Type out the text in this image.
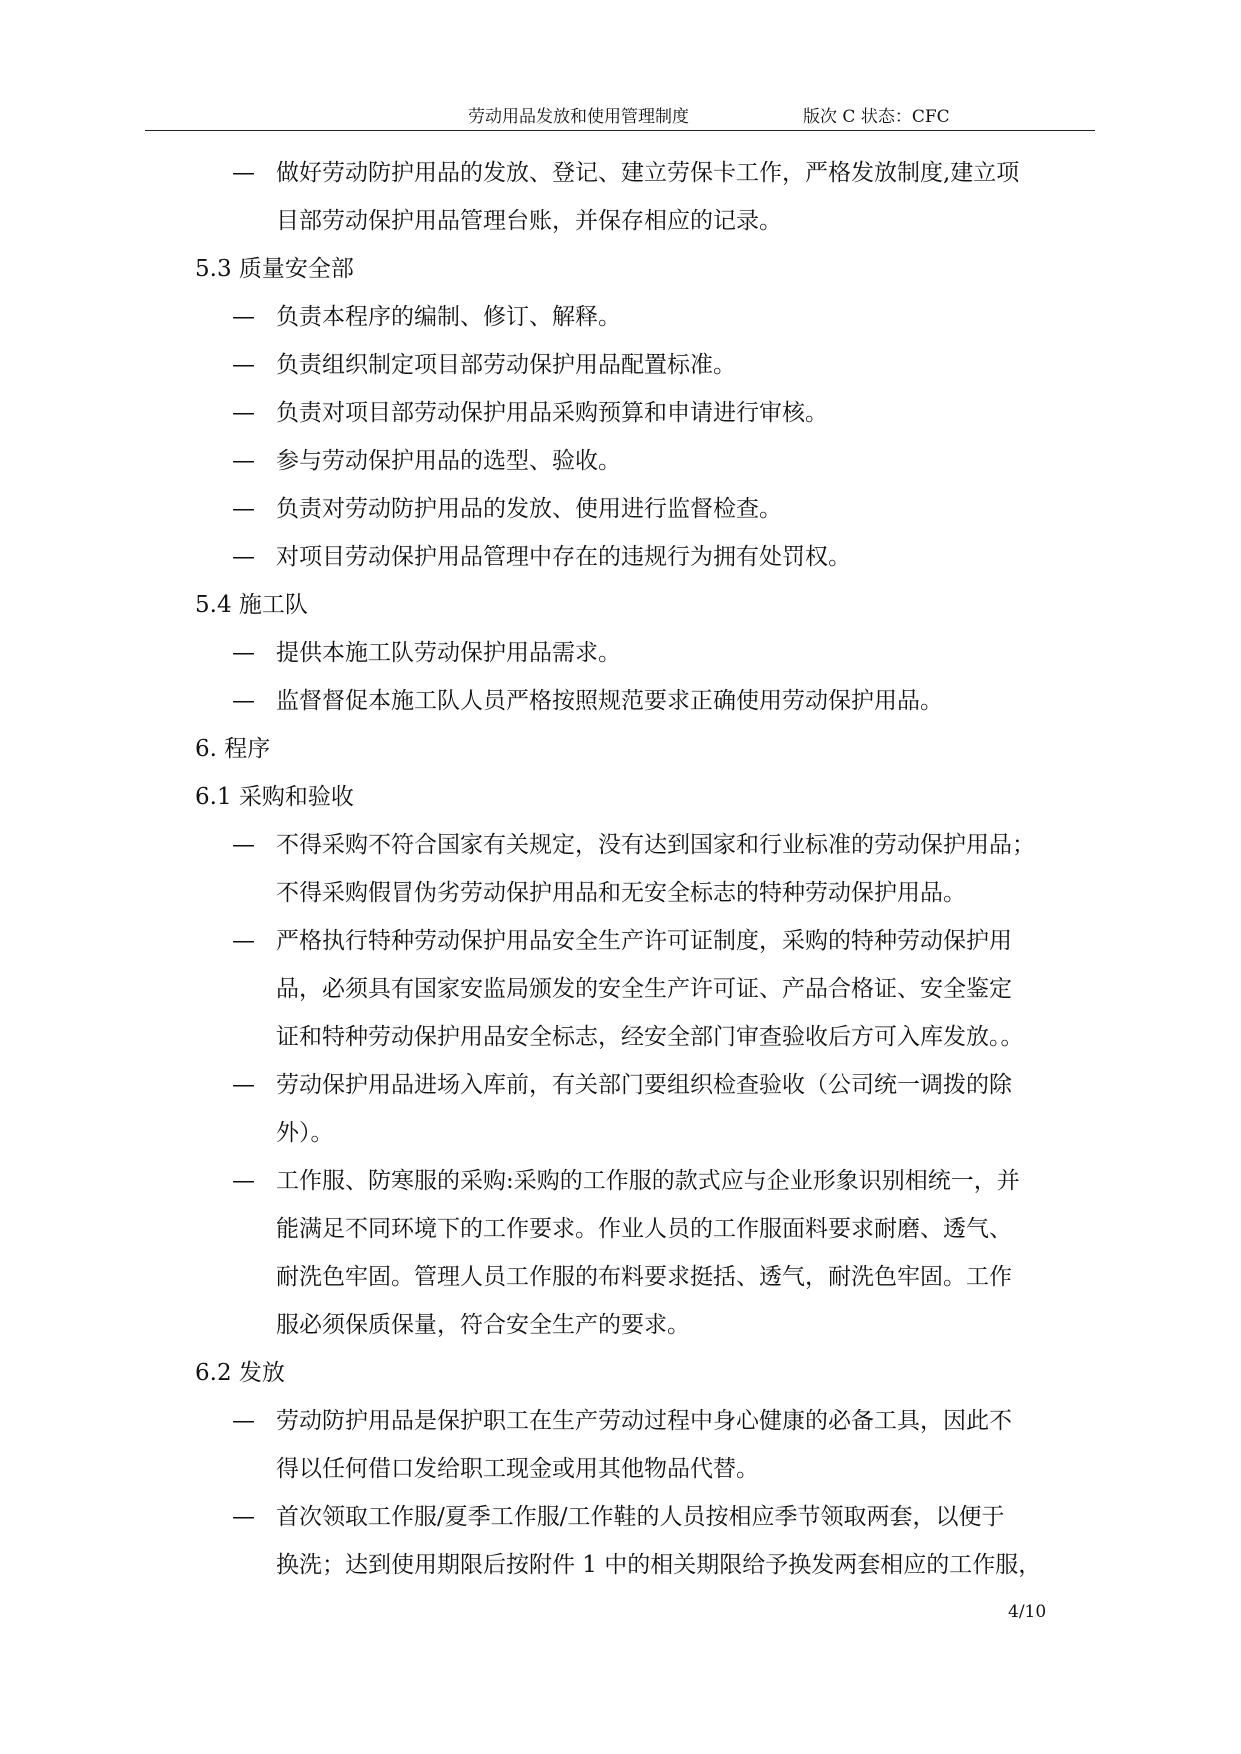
劳动用品发放和使用管理制度	版次 C 状态：CFC
— 做好劳动防护用品的发放、登记、建立劳保卡工作，严格发放制度,建立项
目部劳动保护用品管理台账，并保存相应的记录。
5.3 质量安全部
— 负责本程序的编制、修订、解释。
— 负责组织制定项目部劳动保护用品配置标准。
— 负责对项目部劳动保护用品采购预算和申请进行审核。
— 参与劳动保护用品的选型、验收。
— 负责对劳动防护用品的发放、使用进行监督检查。
— 对项目劳动保护用品管理中存在的违规行为拥有处罚权。
5.4 施工队
— 提供本施工队劳动保护用品需求。
— 监督督促本施工队人员严格按照规范要求正确使用劳动保护用品。
6. 程序
6.1 采购和验收
— 不得采购不符合国家有关规定，没有达到国家和行业标准的劳动保护用品；
不得采购假冒伪劣劳动保护用品和无安全标志的特种劳动保护用品。
— 严格执行特种劳动保护用品安全生产许可证制度，采购的特种劳动保护用
品，必须具有国家安监局颁发的安全生产许可证、产品合格证、安全鉴定
证和特种劳动保护用品安全标志，经安全部门审查验收后方可入库发放。。
— 劳动保护用品进场入库前，有关部门要组织检查验收（公司统一调拨的除
外）。
— 工作服、防寒服的采购:采购的工作服的款式应与企业形象识别相统一，并
能满足不同环境下的工作要求。作业人员的工作服面料要求耐磨、透气、
耐洗色牢固。管理人员工作服的布料要求挺括、透气，耐洗色牢固。工作
服必须保质保量，符合安全生产的要求。
6.2 发放
— 劳动防护用品是保护职工在生产劳动过程中身心健康的必备工具，因此不
得以任何借口发给职工现金或用其他物品代替。
— 首次领取工作服/夏季工作服/工作鞋的人员按相应季节领取两套，以便于
换洗；达到使用期限后按附件 1 中的相关期限给予换发两套相应的工作服，
4/10
